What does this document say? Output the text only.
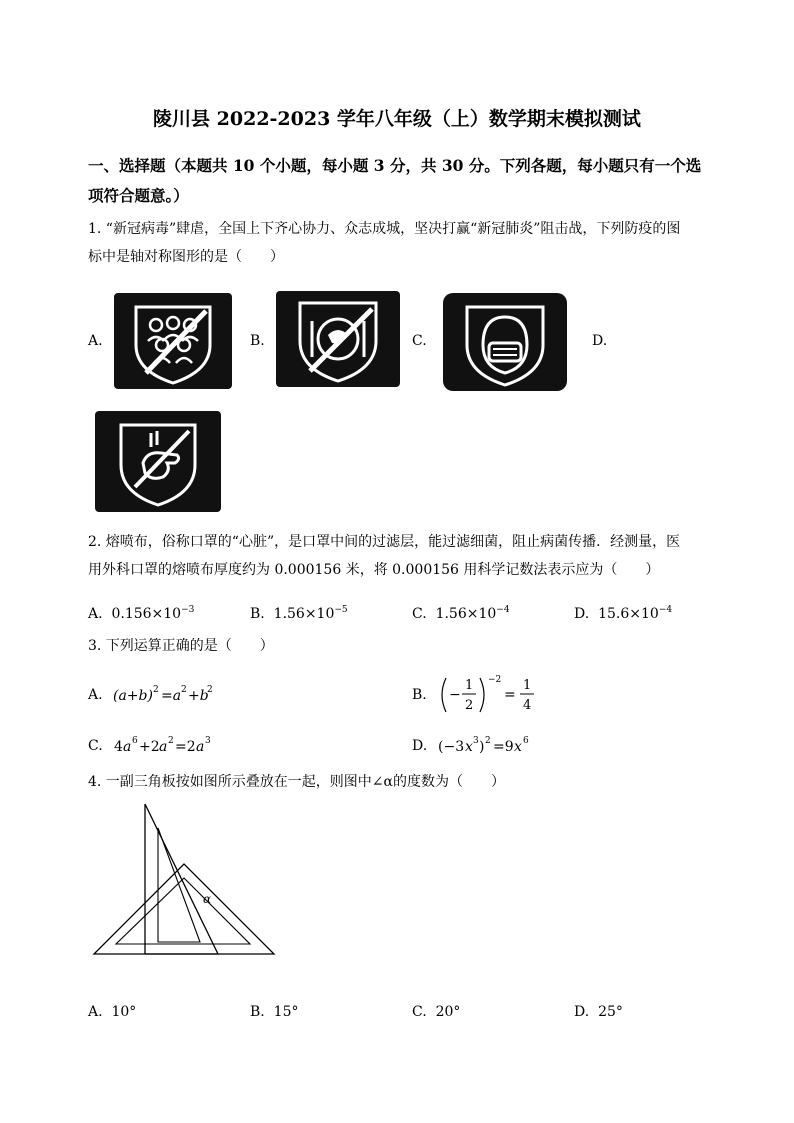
陵川县 2022-2023 学年八年级（上）数学期末模拟测试
一、选择题（本题共 10 个小题，每小题 3 分，共 30 分。下列各题，每小题只有一个选
项符合题意。）
1. “新冠病毒”肆虐，全国上下齐心协力、众志成城，坚决打赢“新冠肺炎”阻击战，下列防疫的图
标中是轴对称图形的是（　　）
A.	B.	C.	D.
2. 熔喷布，俗称口罩的“心脏”，是口罩中间的过滤层，能过滤细菌，阻止病菌传播．经测量，医
用外科口罩的熔喷布厚度约为 0.000156 米，将 0.000156 用科学记数法表示应为（　　）
A. $0.156\times 10^{-3}$	B. $1.56\times 10^{-5}$	C. $1.56\times 10^{-4}$	D. $15.6\times 10^{-4}$
3. 下列运算正确的是（　　）
A. (a+b) 2 =a 2 +b
2	B. −
1
2
−2
=
1
4
C. 4 a 6 +2 a 2 =2 a 3	D. (−3 x 3 ) 2 =9 x 6
4. 一副三角板按如图所示叠放在一起，则图中∠α的度数为（　　）
α
A. 10°	B. 15°	C. 20°	D. 25°
